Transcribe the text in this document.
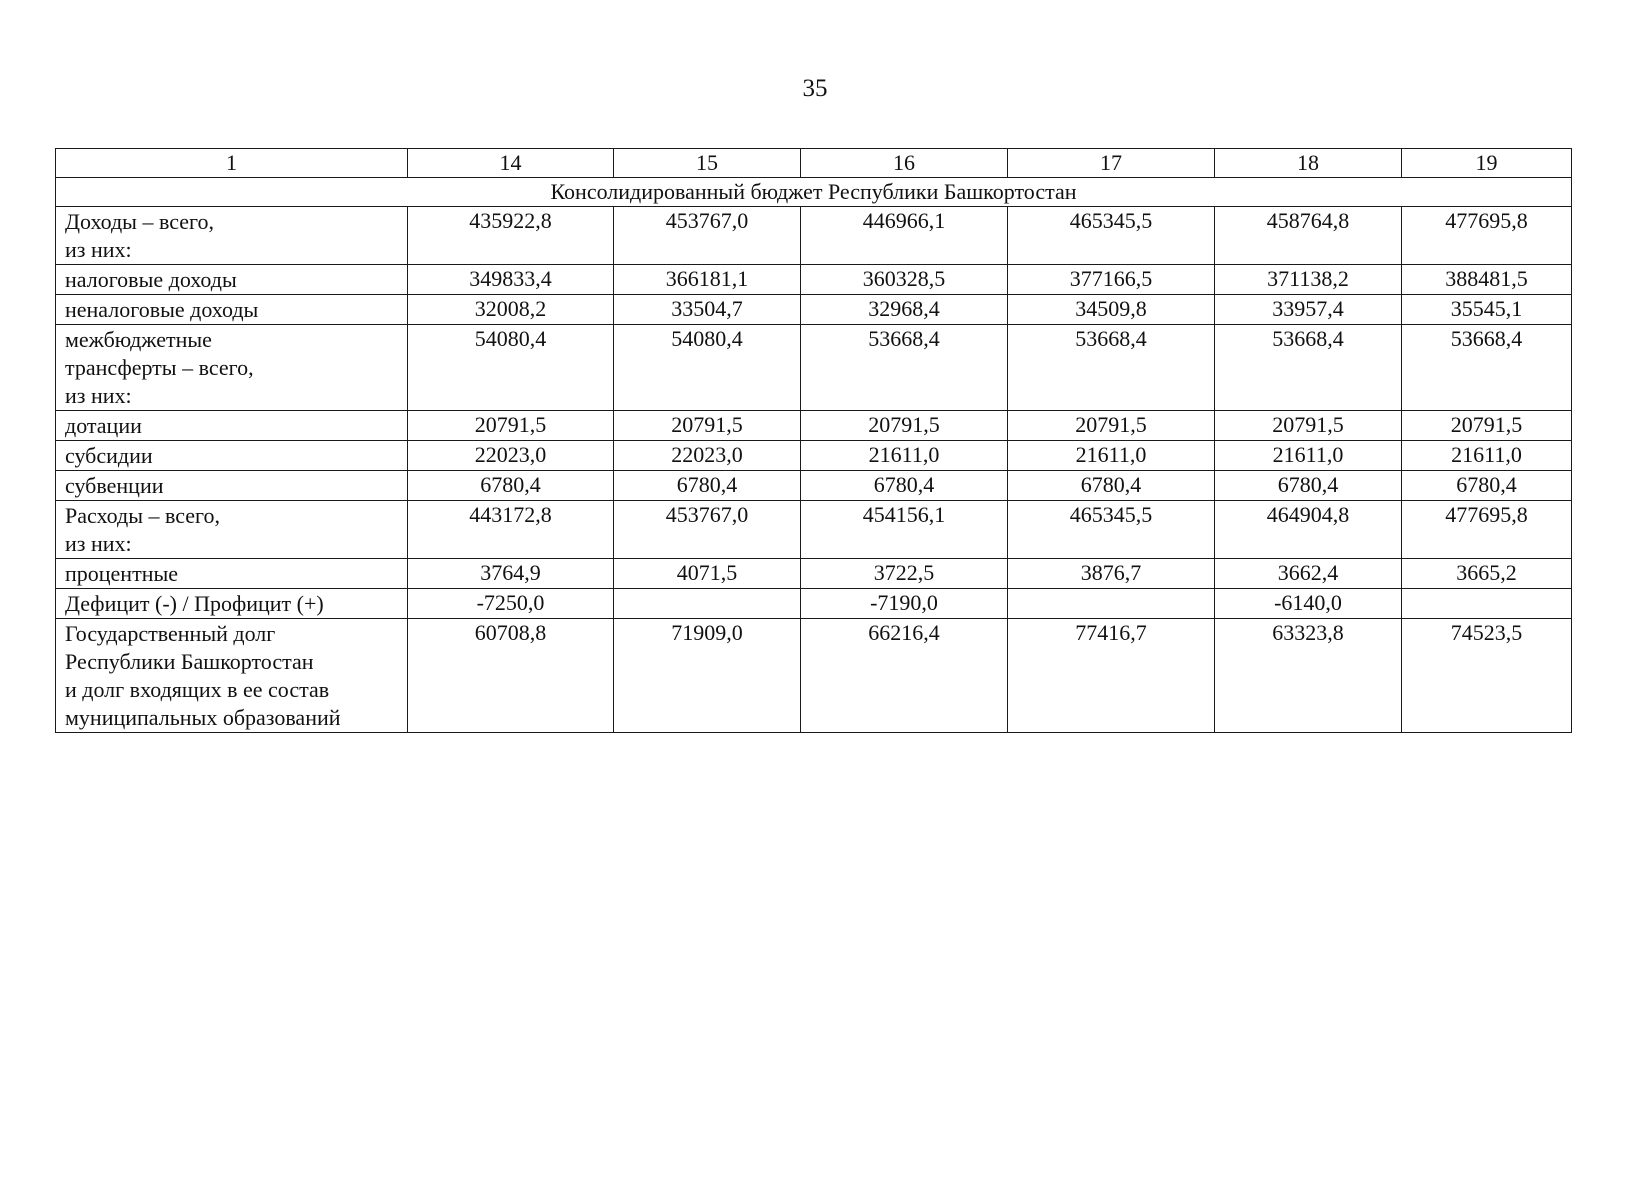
35
1	14	15	16	17	18	19
Консолидированный бюджет Республики Башкортостан						

Доходы – всего,
из них:	435922,8	453767,0	446966,1	465345,5	458764,8	477695,8

налоговые доходы	349833,4	366181,1	360328,5	377166,5	371138,2	388481,5

неналоговые доходы	32008,2	33504,7	32968,4	34509,8	33957,4	35545,1

межбюджетные
трансферты – всего,
из них:	54080,4	54080,4	53668,4	53668,4	53668,4	53668,4

дотации	20791,5	20791,5	20791,5	20791,5	20791,5	20791,5

субсидии	22023,0	22023,0	21611,0	21611,0	21611,0	21611,0

субвенции	6780,4	6780,4	6780,4	6780,4	6780,4	6780,4

Расходы – всего,
из них:	443172,8	453767,0	454156,1	465345,5	464904,8	477695,8

процентные	3764,9	4071,5	3722,5	3876,7	3662,4	3665,2

Дефицит (-) / Профицит (+)	-7250,0		-7190,0		-6140,0	

Государственный долг
Республики Башкортостан
и долг входящих в ее состав
муниципальных образований	60708,8	71909,0	66216,4	77416,7	63323,8	74523,5
